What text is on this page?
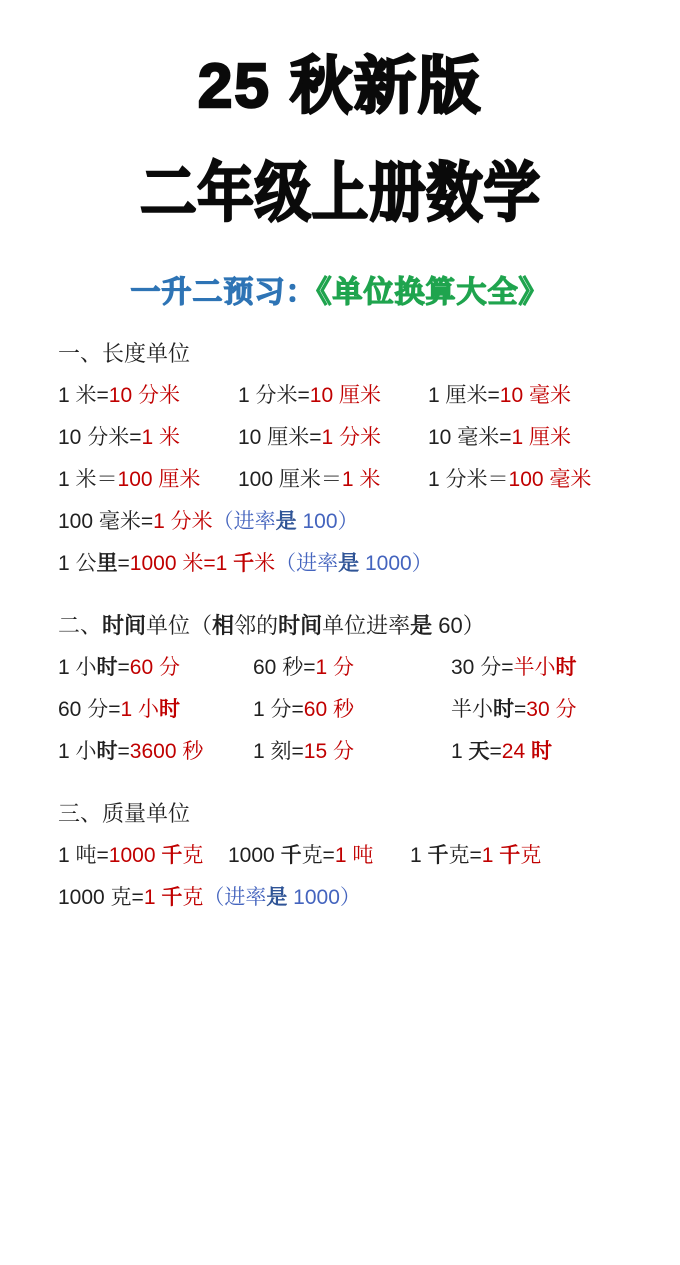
25 秋新版
二年级上册数学
一升二预习：《单位换算大全》
一、长度单位
1 米=10 分米	1 分米=10 厘米	1 厘米=10 毫米
10 分米=1 米	10 厘米=1 分米	10 毫米=1 厘米
1 米＝100 厘米	100 厘米＝1 米	1 分米＝100 毫米
100 毫米=1 分米（进率是 100）
1 公里=1000 米=1 千米（进率是 1000）
二、时间单位（相邻的时间单位进率是 60）
1 小时=60 分	60 秒=1 分	30 分=半小时
60 分=1 小时	1 分=60 秒	半小时=30 分
1 小时=3600 秒	1 刻=15 分	1 天=24 时
三、质量单位
1 吨=1000 千克	1000 千克=1 吨	1 千克=1 千克
1000 克=1 千克（进率是 1000）
